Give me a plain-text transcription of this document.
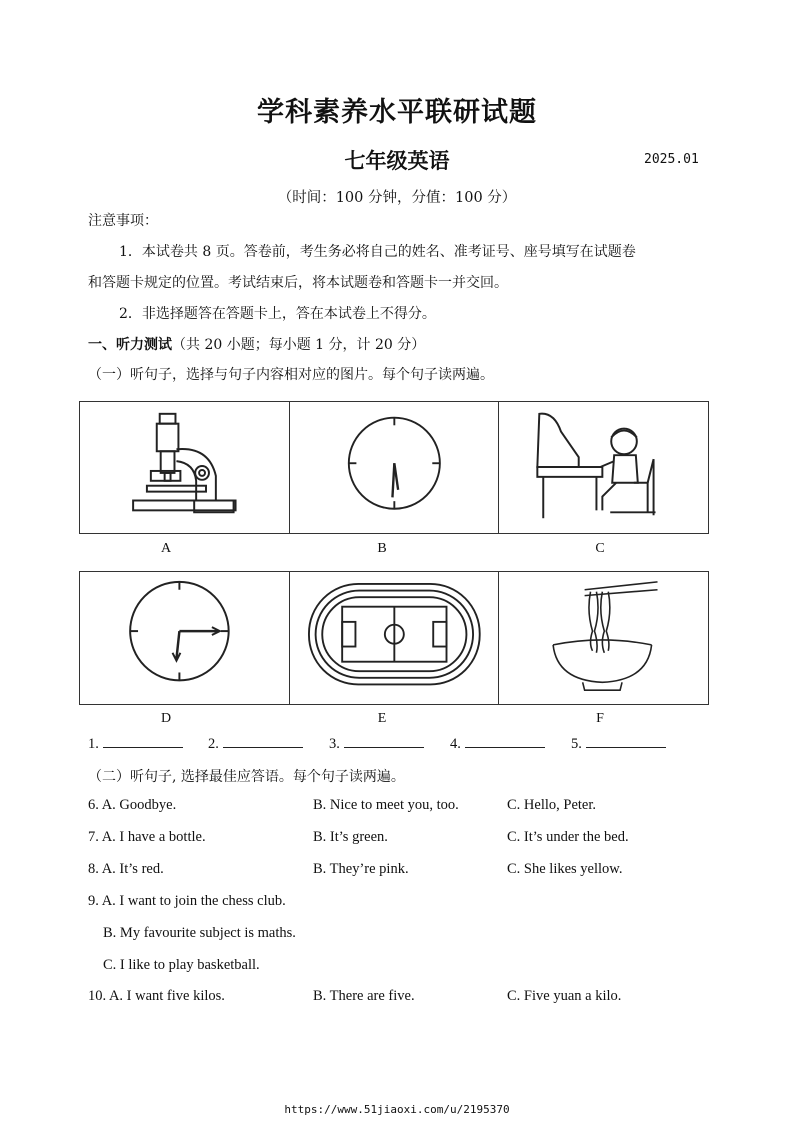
学科素养水平联研试题
七年级英语	2025.01
（时间：100 分钟，分值：100 分）
注意事项：
1．本试卷共 8 页。答卷前，考生务必将自己的姓名、准考证号、座号填写在试题卷
和答题卡规定的位置。考试结束后，将本试题卷和答题卡一并交回。
2．非选择题答在答题卡上，答在本试卷上不得分。
一、听力测试（共 20 小题；每小题 1 分，计 20 分）
（一）听句子，选择与句子内容相对应的图片。每个句子读两遍。
A	B	C
D	E	F
1.	2.	3.	4.	5.
（二）听句子, 选择最佳应答语。每个句子读两遍。
6. A. Goodbye.	B. Nice to meet you, too.	C. Hello, Peter.
7. A. I have a bottle.	B. It’s green.	C. It’s under the bed.
8. A. It’s red.	B. They’re pink.	C. She likes yellow.
9. A. I want to join the chess club.
B. My favourite subject is maths.
C. I like to play basketball.
10. A. I want five kilos.	B. There are five.	C. Five yuan a kilo.
https://www.51jiaoxi.com/u/2195370
